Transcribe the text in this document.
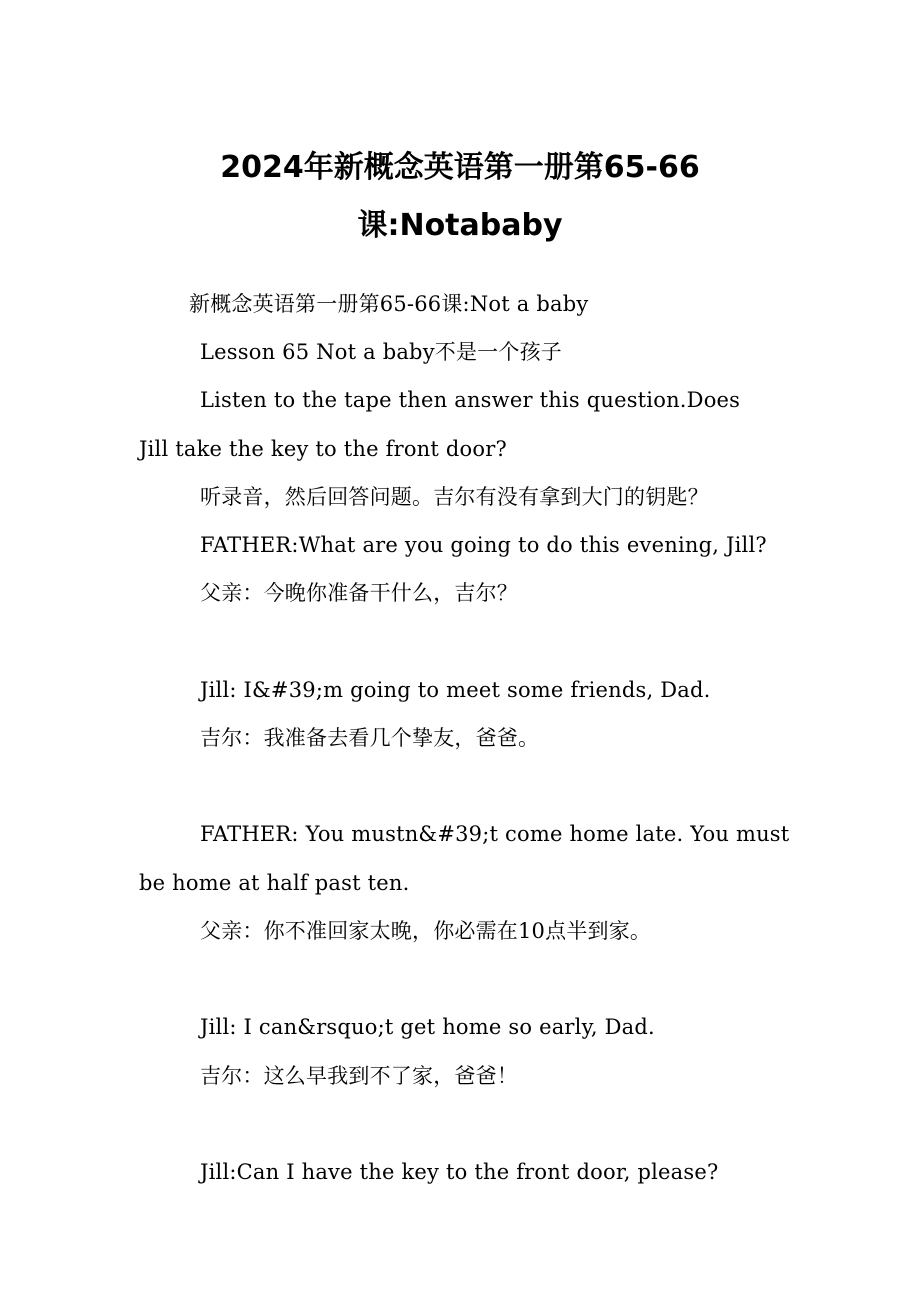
2024年新概念英语第一册第65-66
课:Notababy
新概念英语第一册第65-66课:Not a baby
Lesson 65 Not a baby不是一个孩子
Listen to the tape then answer this question.Does
Jill take the key to the front door?
听录音，然后回答问题。吉尔有没有拿到大门的钥匙？
FATHER:What are you going to do this evening, Jill?
父亲：今晚你准备干什么，吉尔？
Jill: I&#39;m going to meet some friends, Dad.
吉尔：我准备去看几个挚友，爸爸。
FATHER: You mustn&#39;t come home late. You must
be home at half past ten.
父亲：你不准回家太晚，你必需在10点半到家。
Jill: I can&rsquo;t get home so early, Dad.
吉尔：这么早我到不了家，爸爸！
Jill:Can I have the key to the front door, please?
